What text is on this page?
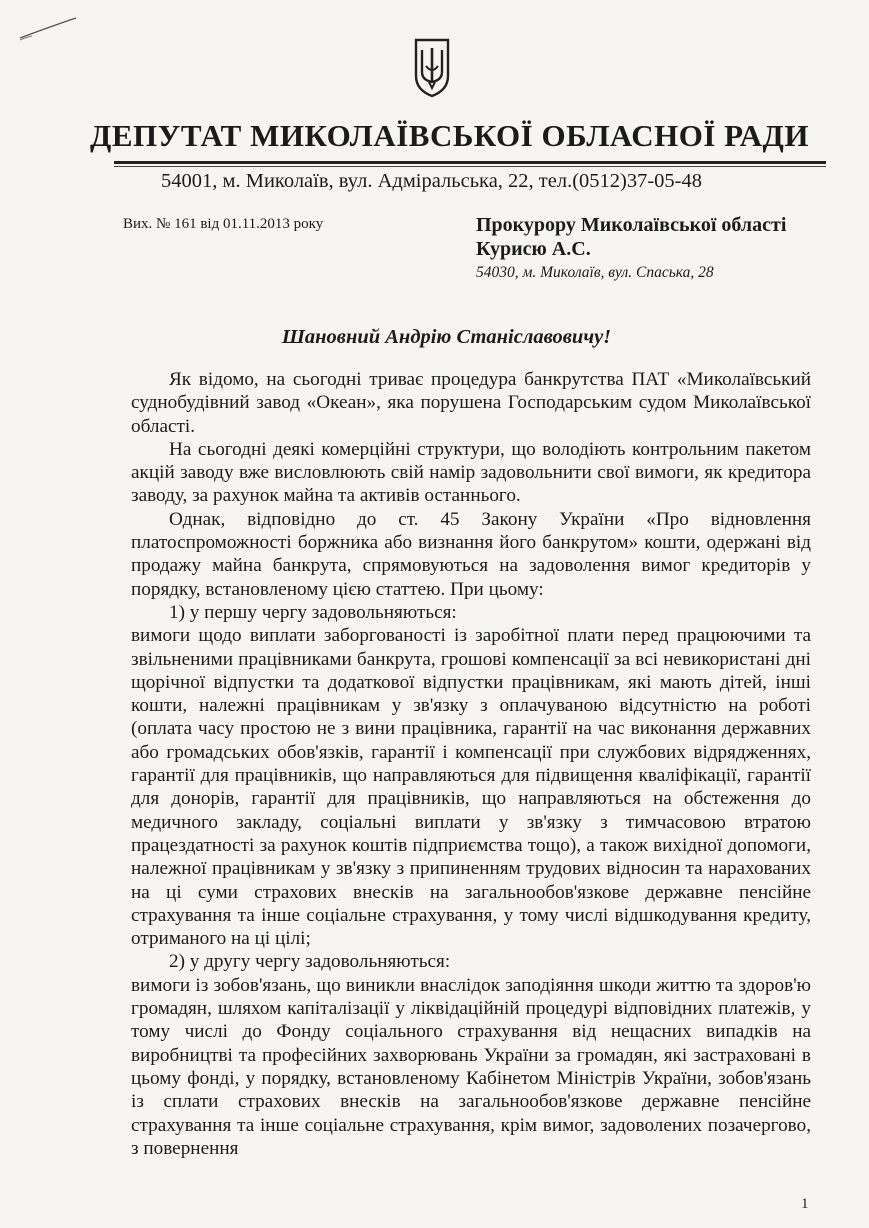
ДЕПУТАТ МИКОЛАЇВСЬКОЇ ОБЛАСНОЇ РАДИ
54001, м. Миколаїв, вул. Адміральська, 22, тел.(0512)37-05-48
Вих. № 161 від 01.11.2013 року	Прокурору Миколаївської області
Курисю А.С.
54030, м. Миколаїв, вул. Спаська, 28
Шановний Андрію Станіславовичу!

Як відомо, на сьогодні триває процедура банкрутства ПАТ «Миколаївський суднобудівний завод «Океан», яка порушена Господарським судом Миколаївської області.

На сьогодні деякі комерційні структури, що володіють контрольним пакетом акцій заводу вже висловлюють свій намір задовольнити свої вимоги, як кредитора заводу, за рахунок майна та активів останнього.

Однак, відповідно до ст. 45 Закону України «Про відновлення платоспроможності боржника або визнання його банкрутом» кошти, одержані від продажу майна банкрута, спрямовуються на задоволення вимог кредиторів у порядку, встановленому цією статтею. При цьому:

1) у першу чергу задовольняються:

вимоги щодо виплати заборгованості із заробітної плати перед працюючими та звільненими працівниками банкрута, грошові компенсації за всі невикористані дні щорічної відпустки та додаткової відпустки працівникам, які мають дітей, інші кошти, належні працівникам у зв'язку з оплачуваною відсутністю на роботі (оплата часу простою не з вини працівника, гарантії на час виконання державних або громадських обов'язків, гарантії і компенсації при службових відрядженнях, гарантії для працівників, що направляються для підвищення кваліфікації, гарантії для донорів, гарантії для працівників, що направляються на обстеження до медичного закладу, соціальні виплати у зв'язку з тимчасовою втратою працездатності за рахунок коштів підприємства тощо), а також вихідної допомоги, належної працівникам у зв'язку з припиненням трудових відносин та нарахованих на ці суми страхових внесків на загальнообов'язкове державне пенсійне страхування та інше соціальне страхування, у тому числі відшкодування кредиту, отриманого на ці цілі;

2) у другу чергу задовольняються:

вимоги із зобов'язань, що виникли внаслідок заподіяння шкоди життю та здоров'ю громадян, шляхом капіталізації у ліквідаційній процедурі відповідних платежів, у тому числі до Фонду соціального страхування від нещасних випадків на виробництві та професійних захворювань України за громадян, які застраховані в цьому фонді, у порядку, встановленому Кабінетом Міністрів України, зобов'язань із сплати страхових внесків на загальнообов'язкове державне пенсійне страхування та інше соціальне страхування, крім вимог, задоволених позачергово, з повернення

1
